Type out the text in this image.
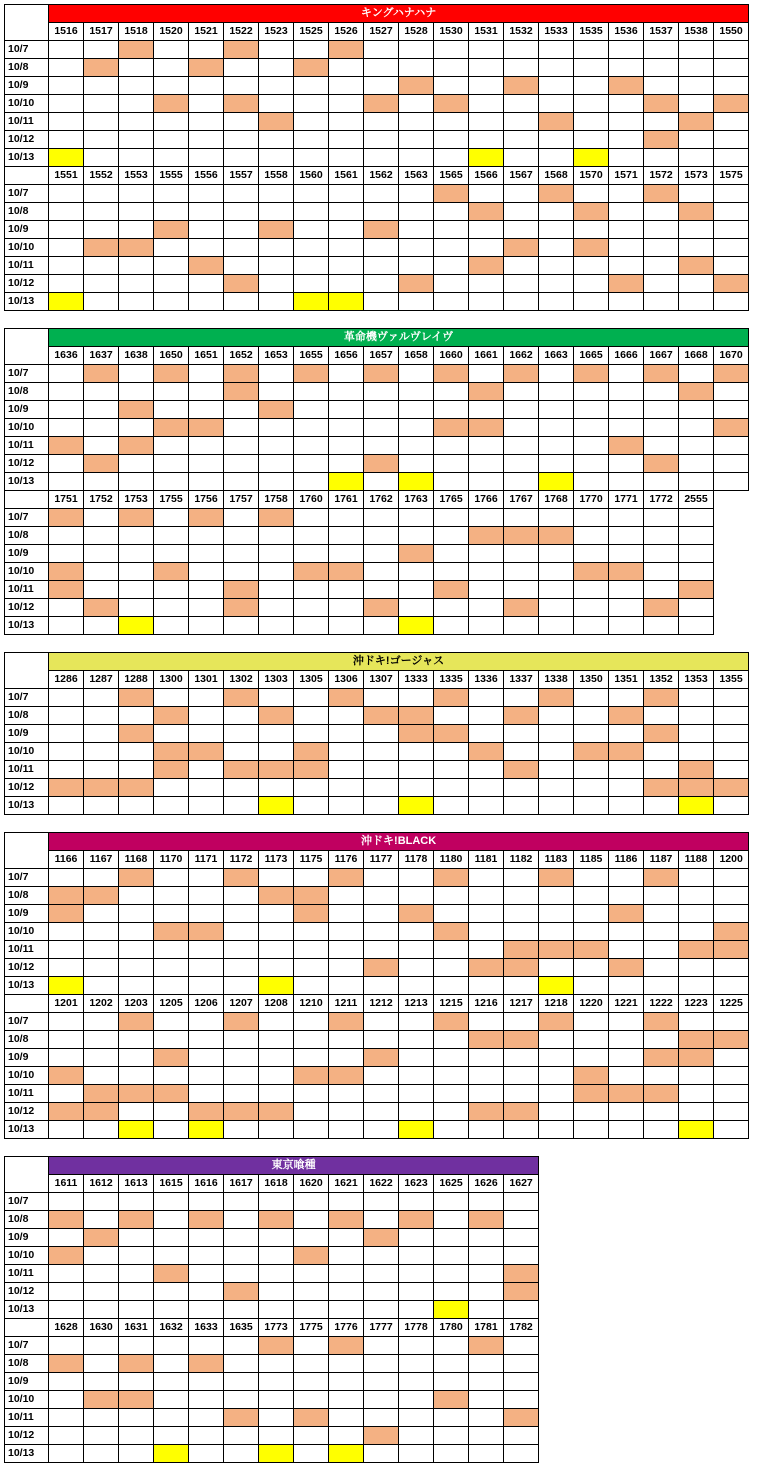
	キングハナハナ																			
	1516	1517	1518	1520	1521	1522	1523	1525	1526	1527	1528	1530	1531	1532	1533	1535	1536	1537	1538	1550
10/7																				
10/8																				
10/9																				
10/10																				
10/11																				
10/12																				
10/13																				
	1551	1552	1553	1555	1556	1557	1558	1560	1561	1562	1563	1565	1566	1567	1568	1570	1571	1572	1573	1575
10/7																				
10/8																				
10/9																				
10/10																				
10/11																				
10/12																				
10/13																				
	革命機ヴァルヴレイヴ																			
	1636	1637	1638	1650	1651	1652	1653	1655	1656	1657	1658	1660	1661	1662	1663	1665	1666	1667	1668	1670
10/7																				
10/8																				
10/9																				
10/10																				
10/11																				
10/12																				
10/13																				
	1751	1752	1753	1755	1756	1757	1758	1760	1761	1762	1763	1765	1766	1767	1768	1770	1771	1772	2555	
10/7																				
10/8																				
10/9																				
10/10																				
10/11																				
10/12																				
10/13																				
	沖ドキ!ゴージャス																			
	1286	1287	1288	1300	1301	1302	1303	1305	1306	1307	1333	1335	1336	1337	1338	1350	1351	1352	1353	1355
10/7																				
10/8																				
10/9																				
10/10																				
10/11																				
10/12																				
10/13																				
	沖ドキ!BLACK																			
	1166	1167	1168	1170	1171	1172	1173	1175	1176	1177	1178	1180	1181	1182	1183	1185	1186	1187	1188	1200
10/7																				
10/8																				
10/9																				
10/10																				
10/11																				
10/12																				
10/13																				
	1201	1202	1203	1205	1206	1207	1208	1210	1211	1212	1213	1215	1216	1217	1218	1220	1221	1222	1223	1225
10/7																				
10/8																				
10/9																				
10/10																				
10/11																				
10/12																				
10/13																				
	東京喰種													
	1611	1612	1613	1615	1616	1617	1618	1620	1621	1622	1623	1625	1626	1627
10/7														
10/8														
10/9														
10/10														
10/11														
10/12														
10/13														
	1628	1630	1631	1632	1633	1635	1773	1775	1776	1777	1778	1780	1781	1782
10/7														
10/8														
10/9														
10/10														
10/11														
10/12														
10/13														
